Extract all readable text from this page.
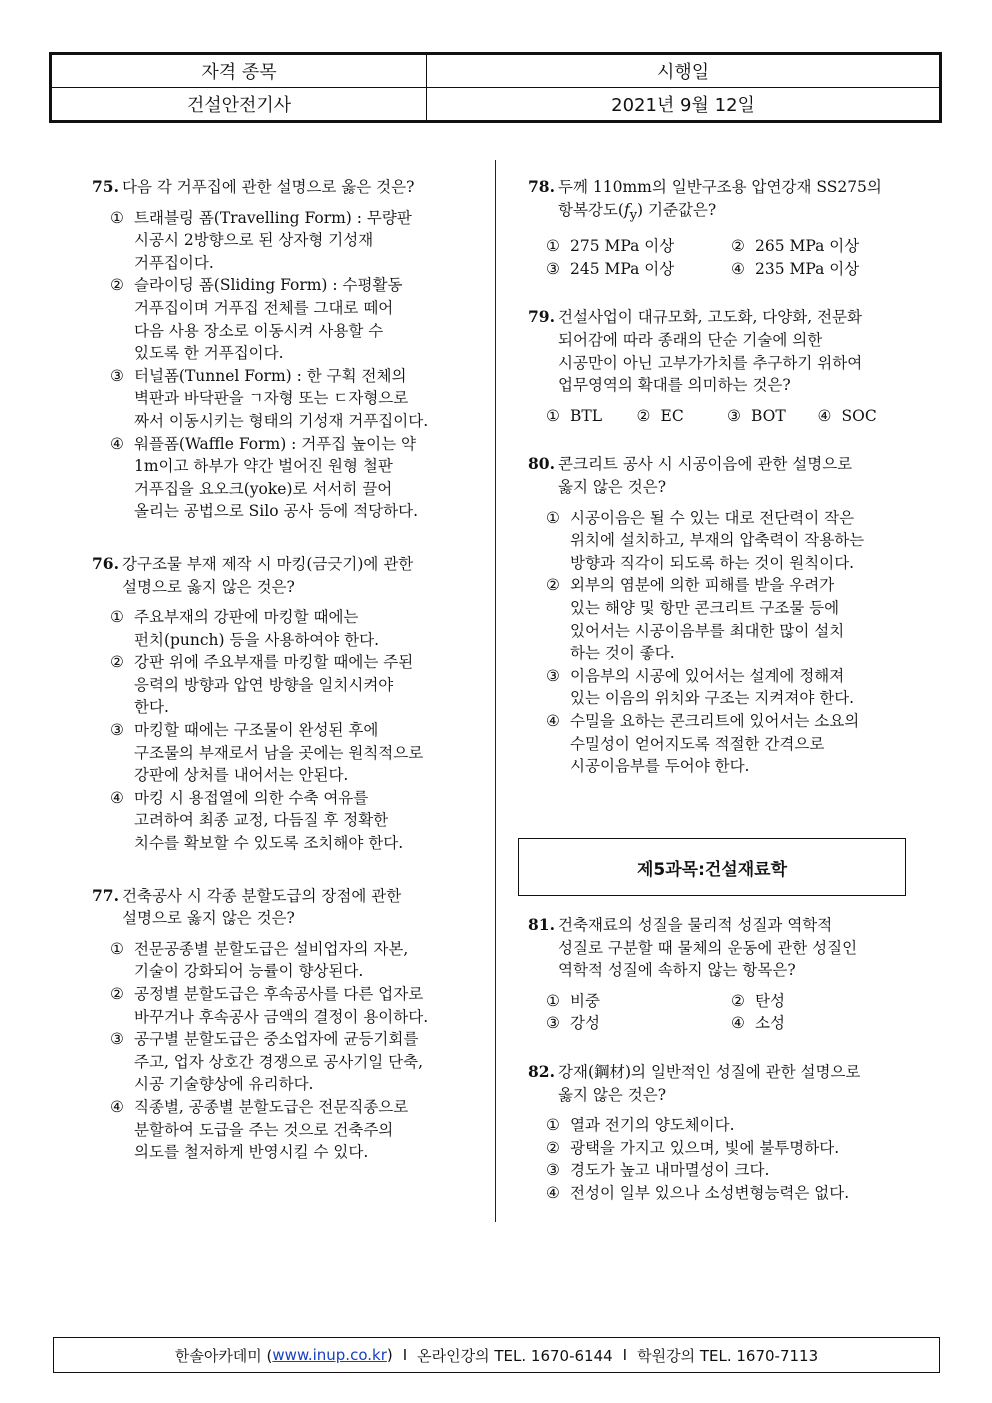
자격 종목	시행일
건설안전기사	2021년 9월 12일
75. 다음 각 거푸집에 관한 설명으로 옳은 것은?
① 트래블링 폼(Travelling Form) : 무량판
시공시 2방향으로 된 상자형 기성재
거푸집이다.
② 슬라이딩 폼(Sliding Form) : 수평활동
거푸집이며 거푸집 전체를 그대로 떼어
다음 사용 장소로 이동시켜 사용할 수
있도록 한 거푸집이다.
③ 터널폼(Tunnel Form) : 한 구획 전체의
벽판과 바닥판을 ㄱ자형 또는 ㄷ자형으로
짜서 이동시키는 형태의 기성재 거푸집이다.
④ 워플폼(Waffle Form) : 거푸집 높이는 약
1m이고 하부가 약간 벌어진 원형 철판
거푸집을 요오크(yoke)로 서서히 끌어
올리는 공법으로 Silo 공사 등에 적당하다.
76. 강구조물 부재 제작 시 마킹(금긋기)에 관한
설명으로 옳지 않은 것은?
① 주요부재의 강판에 마킹할 때에는
펀치(punch) 등을 사용하여야 한다.
② 강판 위에 주요부재를 마킹할 때에는 주된
응력의 방향과 압연 방향을 일치시켜야
한다.
③ 마킹할 때에는 구조물이 완성된 후에
구조물의 부재로서 남을 곳에는 원칙적으로
강판에 상처를 내어서는 안된다.
④ 마킹 시 용접열에 의한 수축 여유를
고려하여 최종 교정, 다듬질 후 정확한
치수를 확보할 수 있도록 조치해야 한다.
77. 건축공사 시 각종 분할도급의 장점에 관한
설명으로 옳지 않은 것은?
① 전문공종별 분할도급은 설비업자의 자본,
기술이 강화되어 능률이 향상된다.
② 공정별 분할도급은 후속공사를 다른 업자로
바꾸거나 후속공사 금액의 결정이 용이하다.
③ 공구별 분할도급은 중소업자에 균등기회를
주고, 업자 상호간 경쟁으로 공사기일 단축,
시공 기술향상에 유리하다.
④ 직종별, 공종별 분할도급은 전문직종으로
분할하여 도급을 주는 것으로 건축주의
의도를 철저하게 반영시킬 수 있다.
78. 두께 110mm의 일반구조용 압연강재 SS275의
항복강도$(f_y)$ 기준값은?
① 275 MPa 이상	② 265 MPa 이상
③ 245 MPa 이상	④ 235 MPa 이상
79. 건설사업이 대규모화, 고도화, 다양화, 전문화
되어감에 따라 종래의 단순 기술에 의한
시공만이 아닌 고부가가치를 추구하기 위하여
업무영역의 확대를 의미하는 것은?
① BTL ② EC	③ BOT ④ SOC
80. 콘크리트 공사 시 시공이음에 관한 설명으로
옳지 않은 것은?
① 시공이음은 될 수 있는 대로 전단력이 작은
위치에 설치하고, 부재의 압축력이 작용하는
방향과 직각이 되도록 하는 것이 원칙이다.
② 외부의 염분에 의한 피해를 받을 우려가
있는 해양 및 항만 콘크리트 구조물 등에
있어서는 시공이음부를 최대한 많이 설치
하는 것이 좋다.
③ 이음부의 시공에 있어서는 설계에 정해져
있는 이음의 위치와 구조는 지켜져야 한다.
④ 수밀을 요하는 콘크리트에 있어서는 소요의
수밀성이 얻어지도록 적절한 간격으로
시공이음부를 두어야 한다.
제5과목:건설재료학
81. 건축재료의 성질을 물리적 성질과 역학적
성질로 구분할 때 물체의 운동에 관한 성질인
역학적 성질에 속하지 않는 항목은?
① 비중	② 탄성
③ 강성	④ 소성
82. 강재(鋼材)의 일반적인 성질에 관한 설명으로
옳지 않은 것은?
① 열과 전기의 양도체이다.
② 광택을 가지고 있으며, 빛에 불투명하다.
③ 경도가 높고 내마멸성이 크다.
④ 전성이 일부 있으나 소성변형능력은 없다.
한솔아카데미 ( www.inup.co.kr ) I 온라인강의 TEL. 1670-6144 I 학원강의 TEL. 1670-7113
